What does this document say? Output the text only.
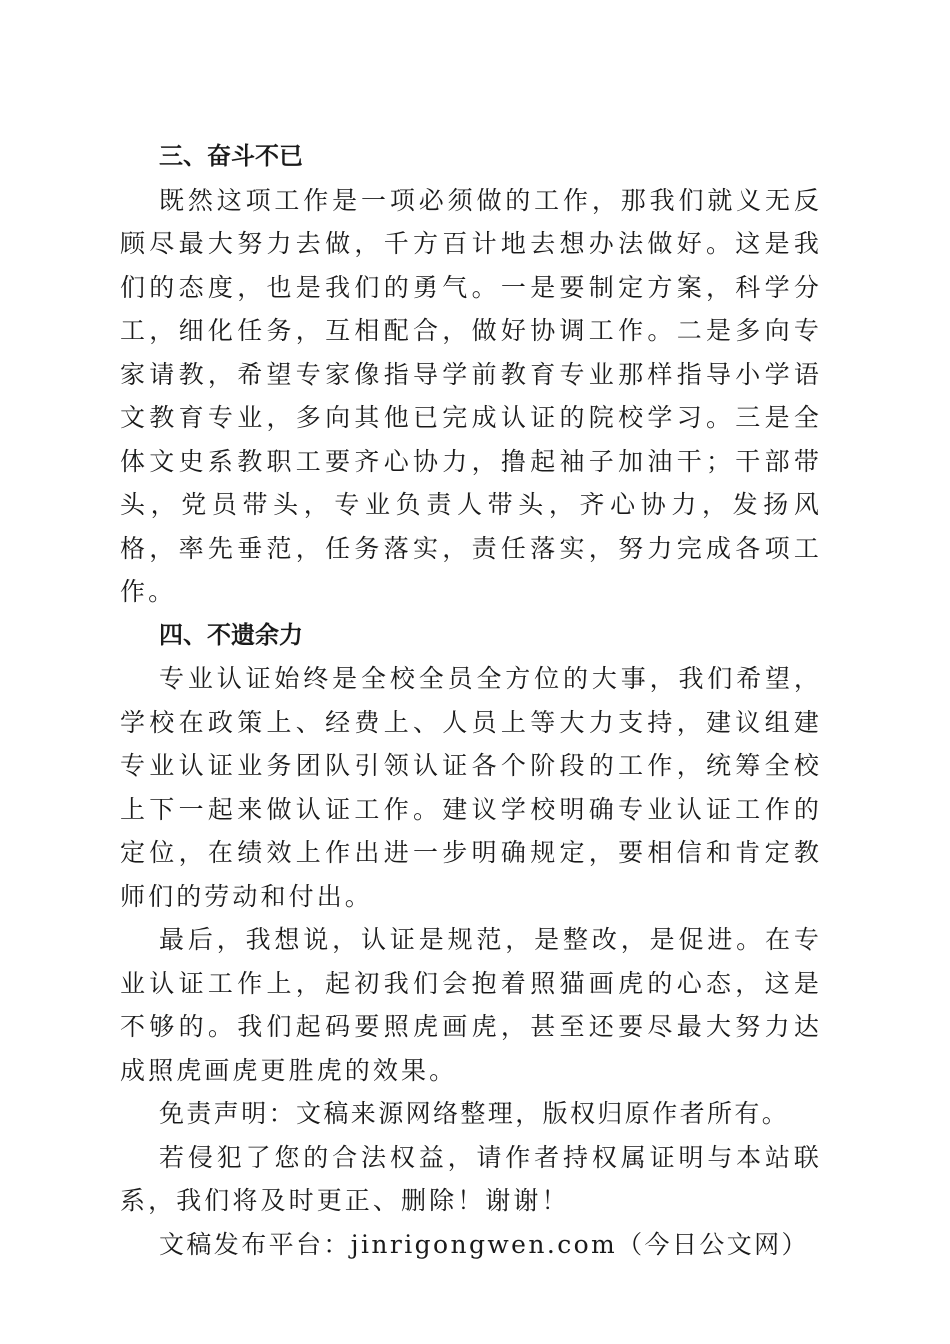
三、奋斗不已

既然这项工作是一项必须做的工作，那我们就义无反顾尽最大努力去做，千方百计地去想办法做好。这是我们的态度，也是我们的勇气。一是要制定方案，科学分工，细化任务，互相配合，做好协调工作。二是多向专家请教，希望专家像指导学前教育专业那样指导小学语文教育专业，多向其他已完成认证的院校学习。三是全体文史系教职工要齐心协力，撸起袖子加油干；干部带头，党员带头，专业负责人带头，齐心协力，发扬风格，率先垂范，任务落实，责任落实，努力完成各项工作。

四、不遗余力

专业认证始终是全校全员全方位的大事，我们希望，学校在政策上、经费上、人员上等大力支持，建议组建专业认证业务团队引领认证各个阶段的工作，统筹全校上下一起来做认证工作。建议学校明确专业认证工作的定位，在绩效上作出进一步明确规定，要相信和肯定教师们的劳动和付出。

最后，我想说，认证是规范，是整改，是促进。在专业认证工作上，起初我们会抱着照猫画虎的心态，这是不够的。我们起码要照虎画虎，甚至还要尽最大努力达成照虎画虎更胜虎的效果。

免责声明：文稿来源网络整理，版权归原作者所有。

若侵犯了您的合法权益，请作者持权属证明与本站联系，我们将及时更正、删除！谢谢！

文稿发布平台：jinrigongwen.com（今日公文网）
